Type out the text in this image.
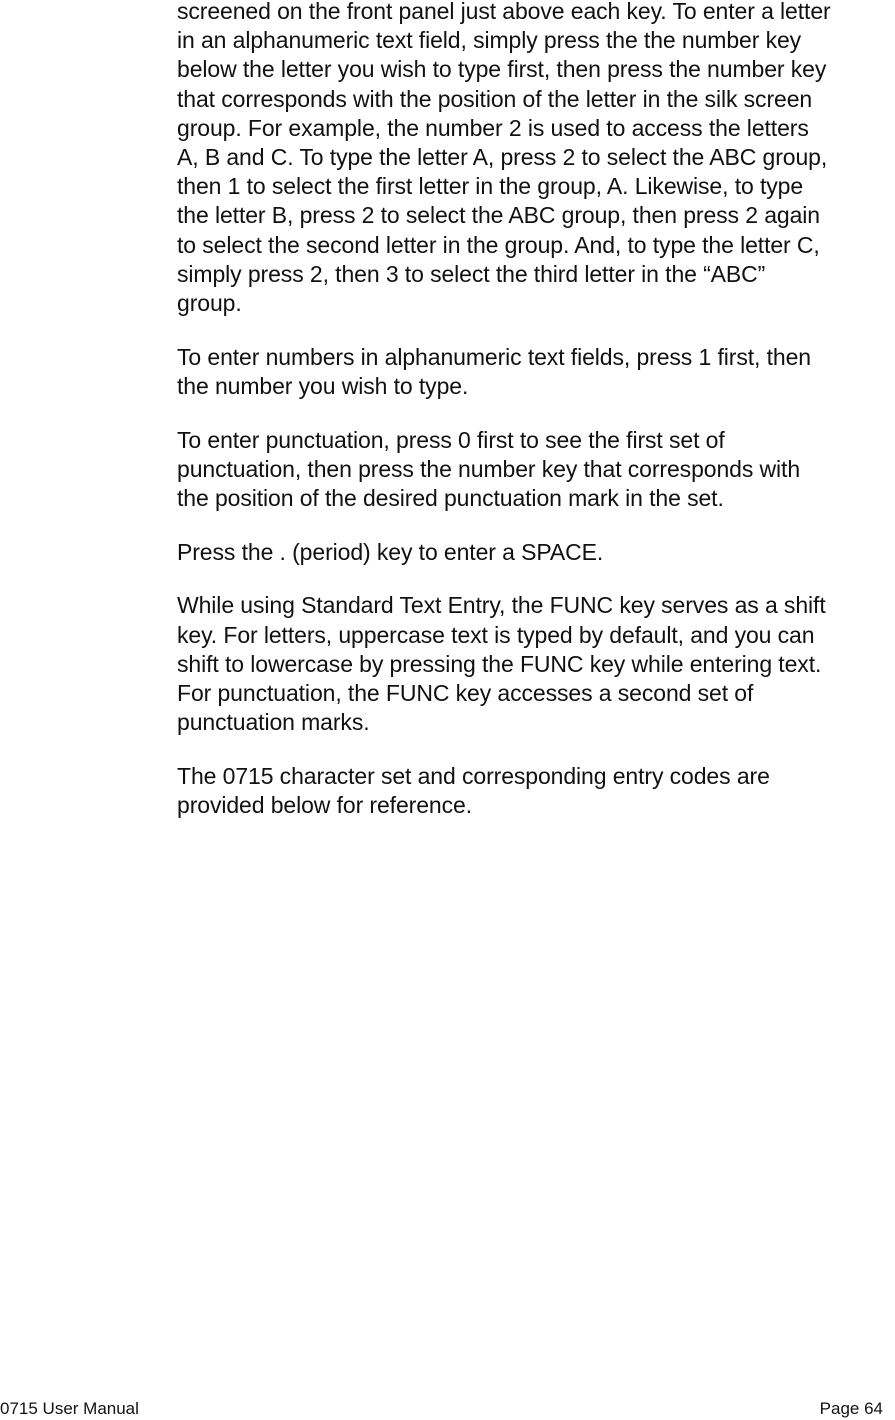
screened on the front panel just above each key. To enter a letter
in an alphanumeric text field, simply press the the number key
below the letter you wish to type first, then press the number key
that corresponds with the position of the letter in the silk screen
group. For example, the number 2 is used to access the letters
A, B and C. To type the letter A, press 2 to select the ABC group,
then 1 to select the first letter in the group, A. Likewise, to type
the letter B, press 2 to select the ABC group, then press 2 again
to select the second letter in the group. And, to type the letter C,
simply press 2, then 3 to select the third letter in the “ABC”
group.

To enter numbers in alphanumeric text fields, press 1 first, then
the number you wish to type.

To enter punctuation, press 0 first to see the first set of
punctuation, then press the number key that corresponds with
the position of the desired punctuation mark in the set.

Press the . (period) key to enter a SPACE.

While using Standard Text Entry, the FUNC key serves as a shift
key. For letters, uppercase text is typed by default, and you can
shift to lowercase by pressing the FUNC key while entering text.
For punctuation, the FUNC key accesses a second set of
punctuation marks.

The 0715 character set and corresponding entry codes are
provided below for reference.

0715 User Manual	Page 64
